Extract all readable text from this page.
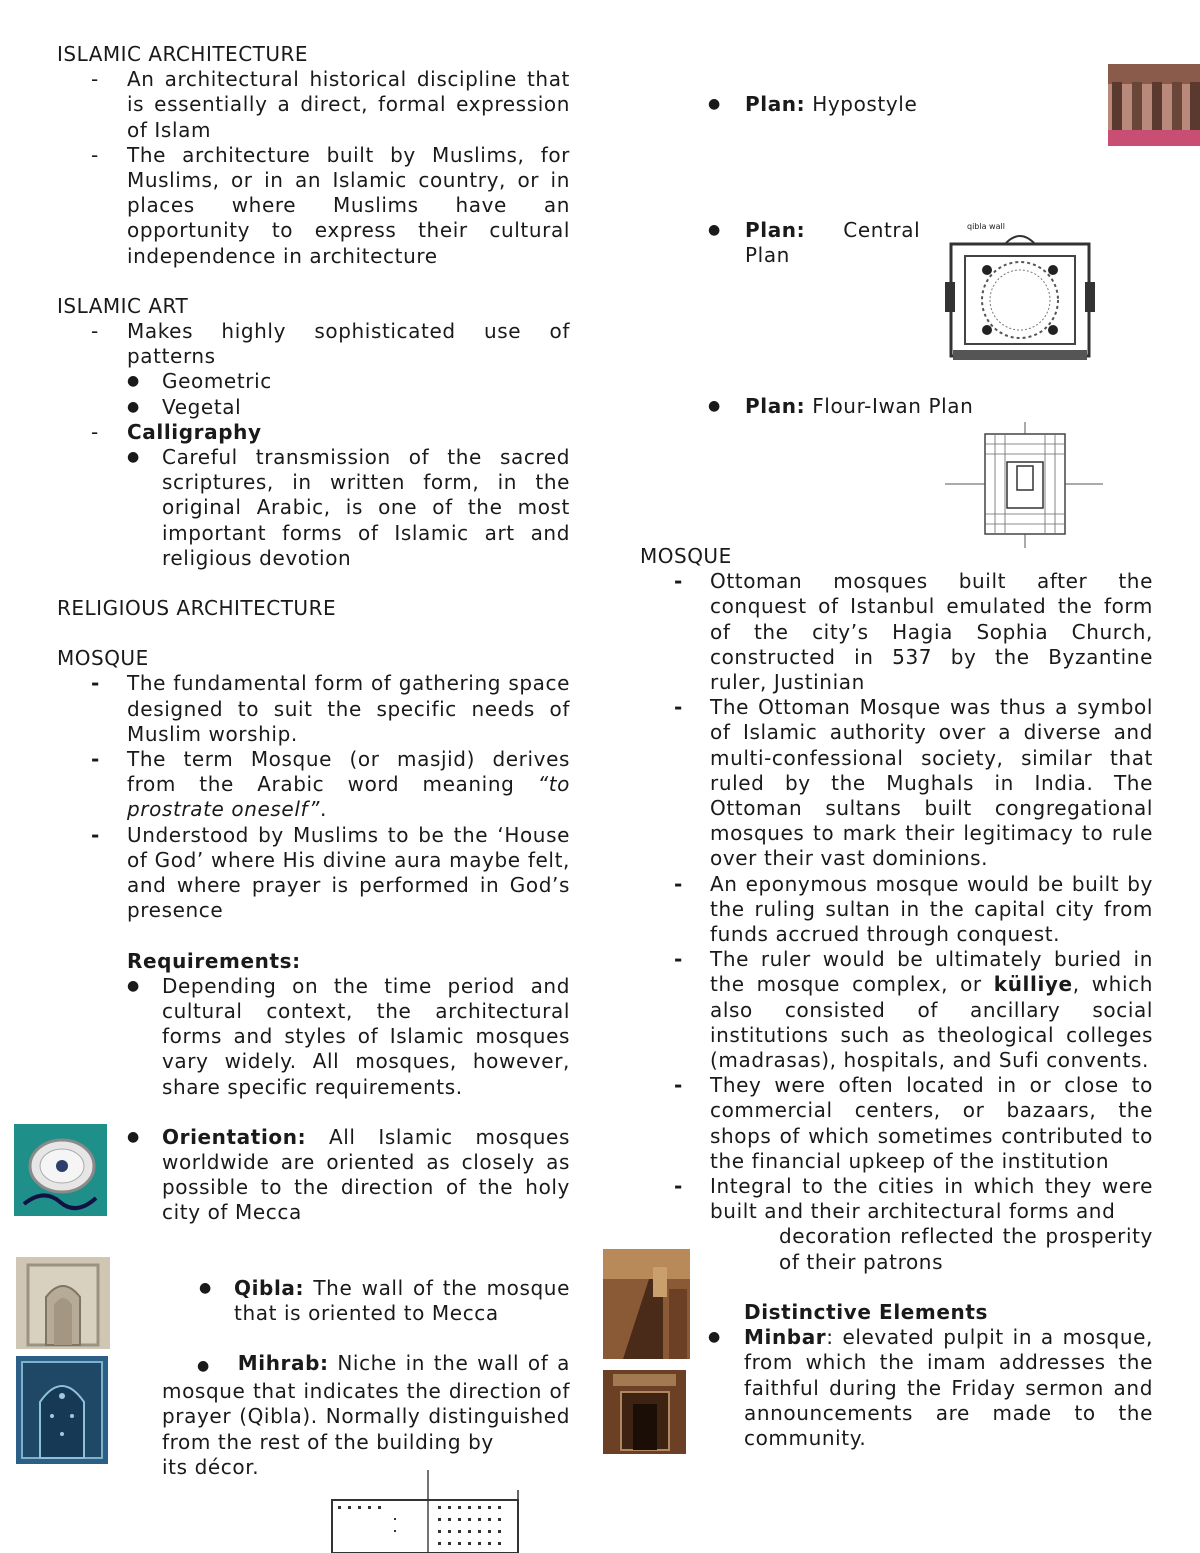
ISLAMIC ARCHITECTURE
- An architectural historical discipline that is essentially a direct, formal expression of Islam
- The architecture built by Muslims, for Muslims, or in an Islamic country, or in places where Muslims have an opportunity to express their cultural independence in architecture
ISLAMIC ART
- Makes highly sophisticated use of patterns
● Geometric
● Vegetal
- Calligraphy
● Careful transmission of the sacred scriptures, in written form, in the original Arabic, is one of the most important forms of Islamic art and religious devotion
RELIGIOUS ARCHITECTURE
MOSQUE
- The fundamental form of gathering space designed to suit the specific needs of Muslim worship.
- The term Mosque (or masjid) derives from the Arabic word meaning “to prostrate oneself”.
- Understood by Muslims to be the ‘House of God’ where His divine aura maybe felt, and where prayer is performed in God’s presence
Requirements:
● Depending on the time period and cultural context, the architectural forms and styles of Islamic mosques vary widely. All mosques, however, share specific requirements.
● Orientation: All Islamic mosques worldwide are oriented as closely as possible to the direction of the holy city of Mecca
● Qibla: The wall of the mosque that is oriented to Mecca
● Mihrab: Niche in the wall of a mosque that indicates the direction of prayer (Qibla). Normally distinguished from the rest of the building by
its décor.
● Plan: Hypostyle
● Plan: Central
Plan
● Plan: Flour-Iwan Plan
MOSQUE
- Ottoman mosques built after the conquest of Istanbul emulated the form of the city’s Hagia Sophia Church, constructed in 537 by the Byzantine ruler, Justinian
- The Ottoman Mosque was thus a symbol of Islamic authority over a diverse and multi-confessional society, similar that ruled by the Mughals in India. The Ottoman sultans built congregational mosques to mark their legitimacy to rule over their vast dominions.
- An eponymous mosque would be built by the ruling sultan in the capital city from funds accrued through conquest.
- The ruler would be ultimately buried in the mosque complex, or külliye, which also consisted of ancillary social institutions such as theological colleges (madrasas), hospitals, and Sufi convents.
- They were often located in or close to commercial centers, or bazaars, the shops of which sometimes contributed to the financial upkeep of the institution
- Integral to the cities in which they were built and their architectural forms and
decoration reflected the prosperity of their patrons
Distinctive Elements
● Minbar: elevated pulpit in a mosque, from which the imam addresses the faithful during the Friday sermon and announcements are made to the community.
qibla wall
